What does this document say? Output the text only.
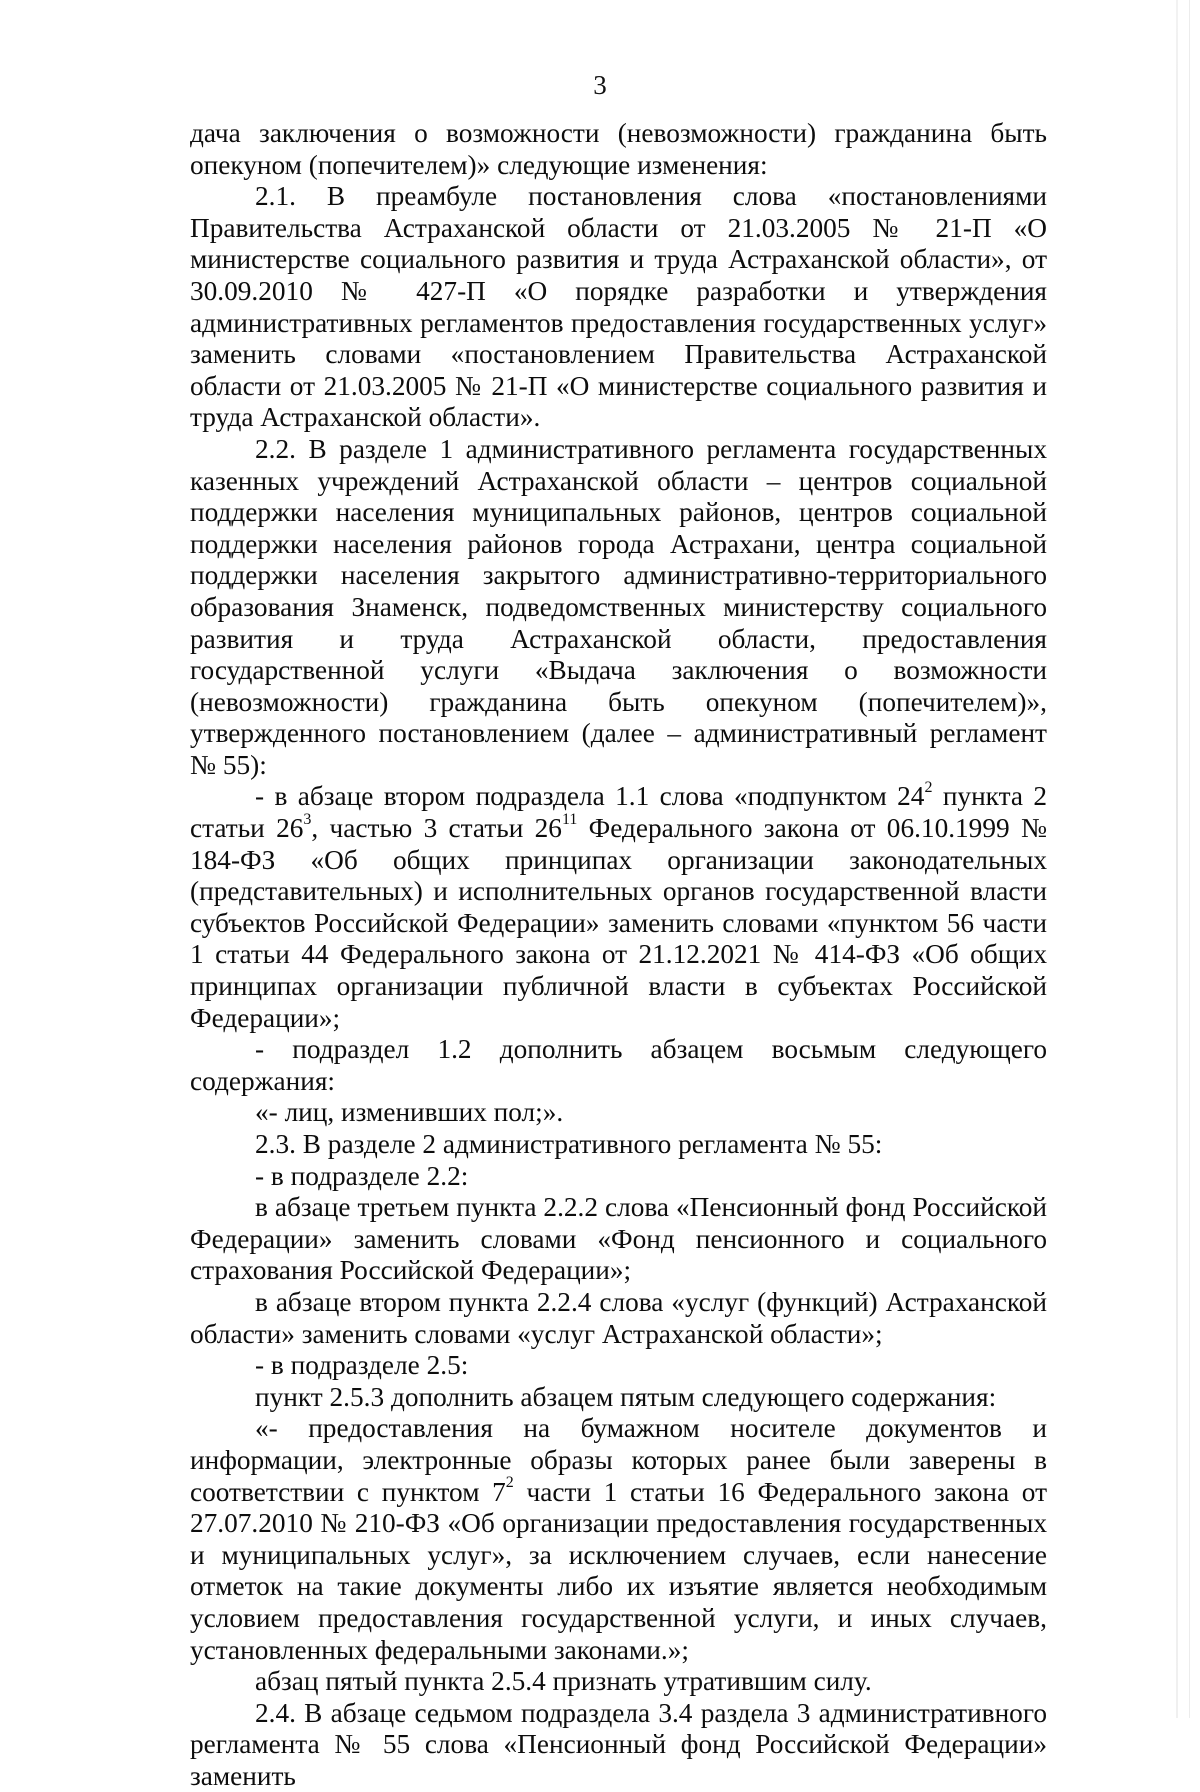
3

дача заключения о возможности (невозможности) гражданина быть опекуном (попечителем)» следующие изменения:

2.1. В преамбуле постановления слова «постановлениями Правительства Астраханской области от 21.03.2005 № 21-П «О министерстве социального развития и труда Астраханской области», от 30.09.2010 № 427-П «О порядке разработки и утверждения административных регламентов предоставления государственных услуг» заменить словами «постановлением Правительства Астраханской области от 21.03.2005 № 21-П «О министерстве социального развития и труда Астраханской области».

2.2. В разделе 1 административного регламента государственных казенных учреждений Астраханской области – центров социальной поддержки населения муниципальных районов, центров социальной поддержки населения районов города Астрахани, центра социальной поддержки населения закрытого административно-территориального образования Знаменск, подведомственных министерству социального развития и труда Астраханской области, предоставления государственной услуги «Выдача заключения о возможности (невозможности) гражданина быть опекуном (попечителем)», утвержденного постановлением (далее – административный регламент № 55):

- в абзаце втором подраздела 1.1 слова «подпунктом $24^2$ пункта 2 статьи $26^3$, частью 3 статьи $26^{11}$ Федерального закона от 06.10.1999 № 184-ФЗ «Об общих принципах организации законодательных (представительных) и исполнительных органов государственной власти субъектов Российской Федерации» заменить словами «пунктом 56 части 1 статьи 44 Федерального закона от 21.12.2021 № 414-ФЗ «Об общих принципах организации публичной власти в субъектах Российской Федерации»;

- подраздел 1.2 дополнить абзацем восьмым следующего содержания:

«- лиц, изменивших пол;».

2.3. В разделе 2 административного регламента № 55:

- в подразделе 2.2:

в абзаце третьем пункта 2.2.2 слова «Пенсионный фонд Российской Федерации» заменить словами «Фонд пенсионного и социального страхования Российской Федерации»;

в абзаце втором пункта 2.2.4 слова «услуг (функций) Астраханской области» заменить словами «услуг Астраханской области»;

- в подразделе 2.5:

пункт 2.5.3 дополнить абзацем пятым следующего содержания:

«- предоставления на бумажном носителе документов и информации, электронные образы которых ранее были заверены в соответствии с пунктом $7^2$ части 1 статьи 16 Федерального закона от 27.07.2010 № 210-ФЗ «Об организации предоставления государственных и муниципальных услуг», за исключением случаев, если нанесение отметок на такие документы либо их изъятие является необходимым условием предоставления государственной услуги, и иных случаев, установленных федеральными законами.»;

абзац пятый пункта 2.5.4 признать утратившим силу.

2.4. В абзаце седьмом подраздела 3.4 раздела 3 административного регламента № 55 слова «Пенсионный фонд Российской Федерации» заменить
